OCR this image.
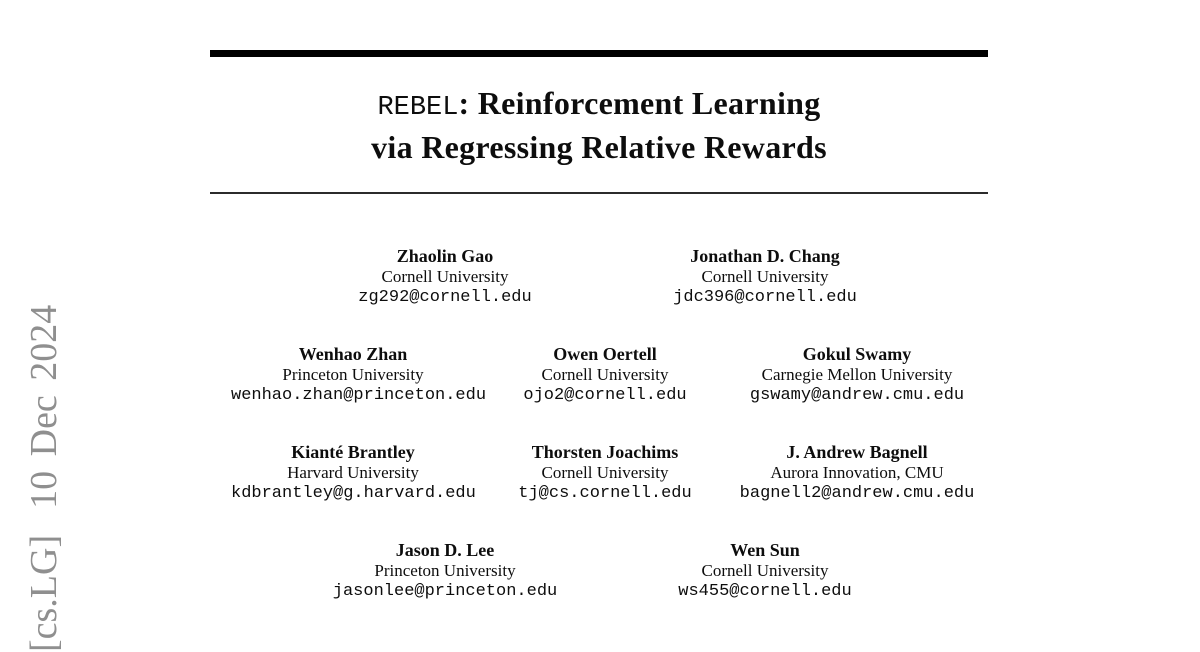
REBEL: Reinforcement Learning
via Regressing Relative Rewards
Zhaolin Gao
Cornell University
zg292@cornell.edu
Jonathan D. Chang
Cornell University
jdc396@cornell.edu
Wenhao Zhan
Princeton University
wenhao.zhan@princeton.edu
Owen Oertell
Cornell University
ojo2@cornell.edu
Gokul Swamy
Carnegie Mellon University
gswamy@andrew.cmu.edu
Kianté Brantley
Harvard University
kdbrantley@g.harvard.edu
Thorsten Joachims
Cornell University
tj@cs.cornell.edu
J. Andrew Bagnell
Aurora Innovation, CMU
bagnell2@andrew.cmu.edu
Jason D. Lee
Princeton University
jasonlee@princeton.edu
Wen Sun
Cornell University
ws455@cornell.edu
[cs.LG]
10 Dec 2024
